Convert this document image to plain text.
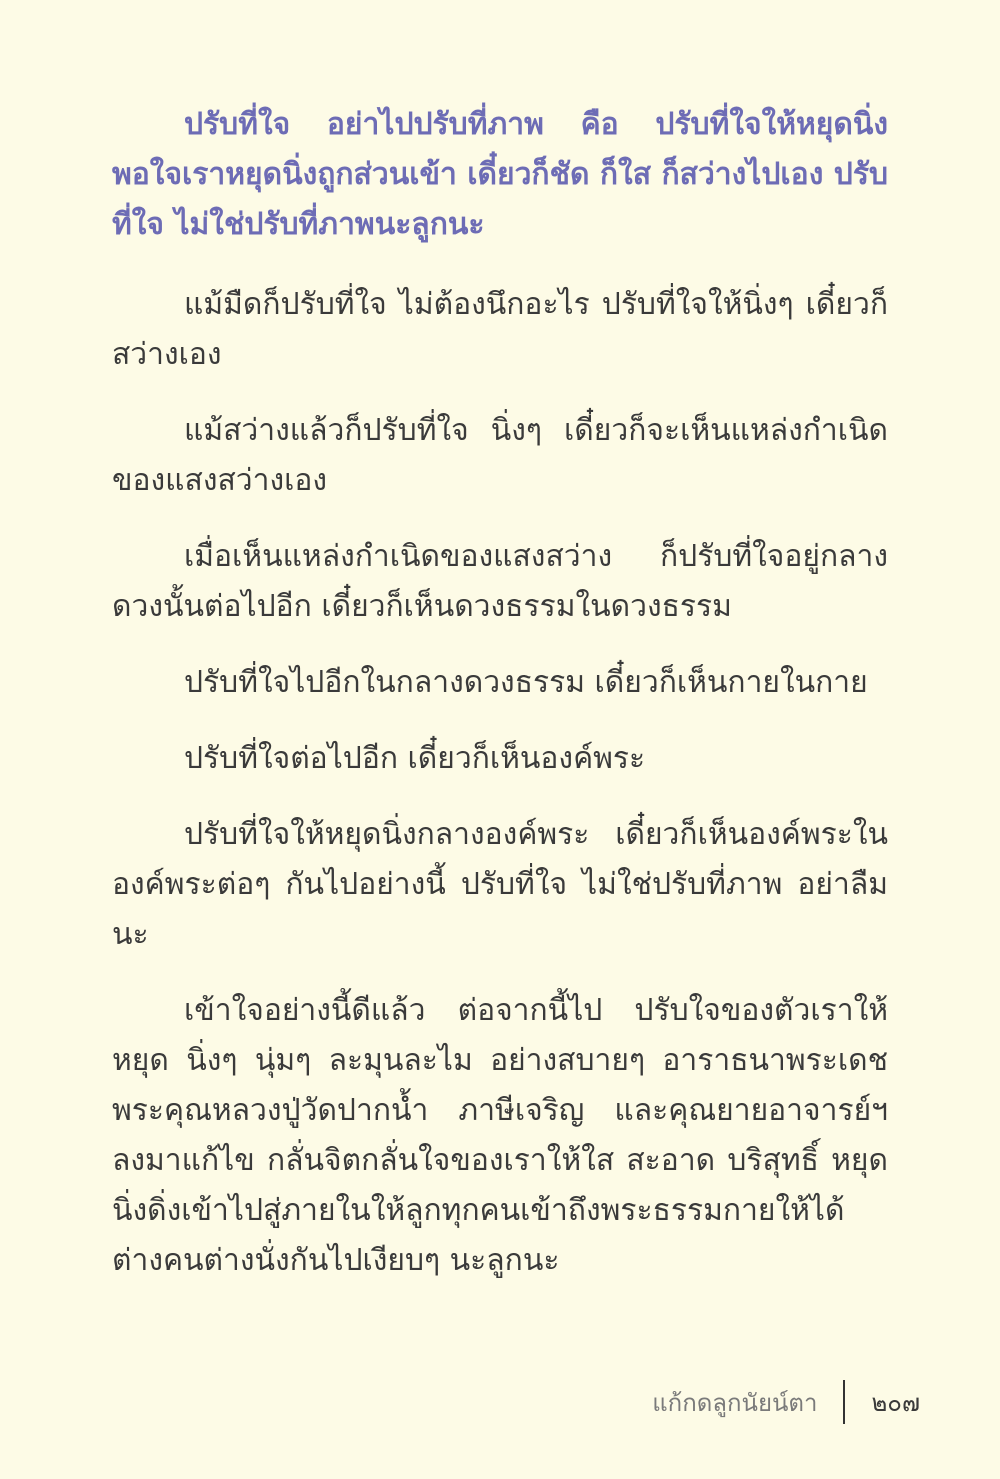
ปรับที่ใจ อย่าไปปรับที่ภาพ คือ ปรับที่ใจให้หยุดนิ่ง พอใจเราหยุดนิ่งถูกส่วนเข้า เดี๋ยวก็ชัด ก็ใส ก็สว่างไปเอง ปรับที่ใจ ไม่ใช่ปรับที่ภาพนะลูกนะ

แม้มืดก็ปรับที่ใจ ไม่ต้องนึกอะไร ปรับที่ใจให้นิ่งๆ เดี๋ยวก็สว่างเอง

แม้สว่างแล้วก็ปรับที่ใจ นิ่งๆ เดี๋ยวก็จะเห็นแหล่งกำเนิดของแสงสว่างเอง

เมื่อเห็นแหล่งกำเนิดของแสงสว่าง ก็ปรับที่ใจอยู่กลางดวงนั้นต่อไปอีก เดี๋ยวก็เห็นดวงธรรมในดวงธรรม

ปรับที่ใจไปอีกในกลางดวงธรรม เดี๋ยวก็เห็นกายในกาย

ปรับที่ใจต่อไปอีก เดี๋ยวก็เห็นองค์พระ

ปรับที่ใจให้หยุดนิ่งกลางองค์พระ เดี๋ยวก็เห็นองค์พระในองค์พระต่อๆ กันไปอย่างนี้ ปรับที่ใจ ไม่ใช่ปรับที่ภาพ อย่าลืมนะ

เข้าใจอย่างนี้ดีแล้ว ต่อจากนี้ไป ปรับใจของตัวเราให้หยุด นิ่งๆ นุ่มๆ ละมุนละไม อย่างสบายๆ อาราธนาพระเดชพระคุณหลวงปู่วัดปากน้ำ ภาษีเจริญ และคุณยายอาจารย์ฯ ลงมาแก้ไข กลั่นจิตกลั่นใจของเราให้ใส สะอาด บริสุทธิ์ หยุดนิ่งดิ่งเข้าไปสู่ภายในให้ลูกทุกคนเข้าถึงพระธรรมกายให้ได้ ต่างคนต่างนั่งกันไปเงียบๆ นะลูกนะ

แก้กดลูกนัยน์ตา ๒๐๗
